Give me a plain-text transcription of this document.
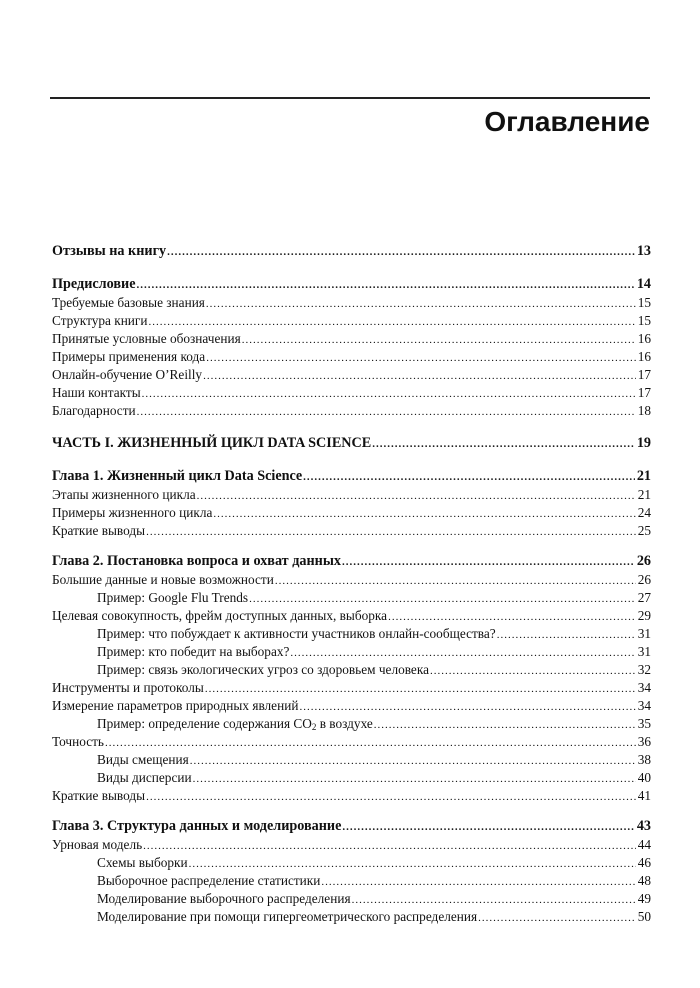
Оглавление
Отзывы на книгу .....	13
Предисловие .....	14
Требуемые базовые знания .....	15
Структура книги .....	15
Принятые условные обозначения .....	16
Примеры применения кода .....	16
Онлайн-обучение O’Reilly .....	17
Наши контакты .....	17
Благодарности .....	18
ЧАСТЬ I. ЖИЗНЕННЫЙ ЦИКЛ DATA SCIENCE .....	19
Глава 1. Жизненный цикл Data Science .....	21
Этапы жизненного цикла .....	21
Примеры жизненного цикла .....	24
Краткие выводы .....	25
Глава 2. Постановка вопроса и охват данных .....	26
Большие данные и новые возможности .....	26
Пример: Google Flu Trends .....	27
Целевая совокупность, фрейм доступных данных, выборка .....	29
Пример: что побуждает к активности участников онлайн-сообщества? .....	31
Пример: кто победит на выборах? .....	31
Пример: связь экологических угроз со здоровьем человека .....	32
Инструменты и протоколы .....	34
Измерение параметров природных явлений .....	34
Пример: определение содержания $CO_2$ в воздухе .....	35
Точность .....	36
Виды смещения .....	38
Виды дисперсии .....	40
Краткие выводы .....	41
Глава 3. Структура данных и моделирование .....	43
Урновая модель .....	44
Схемы выборки .....	46
Выборочное распределение статистики .....	48
Моделирование выборочного распределения .....	49
Моделирование при помощи гипергеометрического распределения .....	50
